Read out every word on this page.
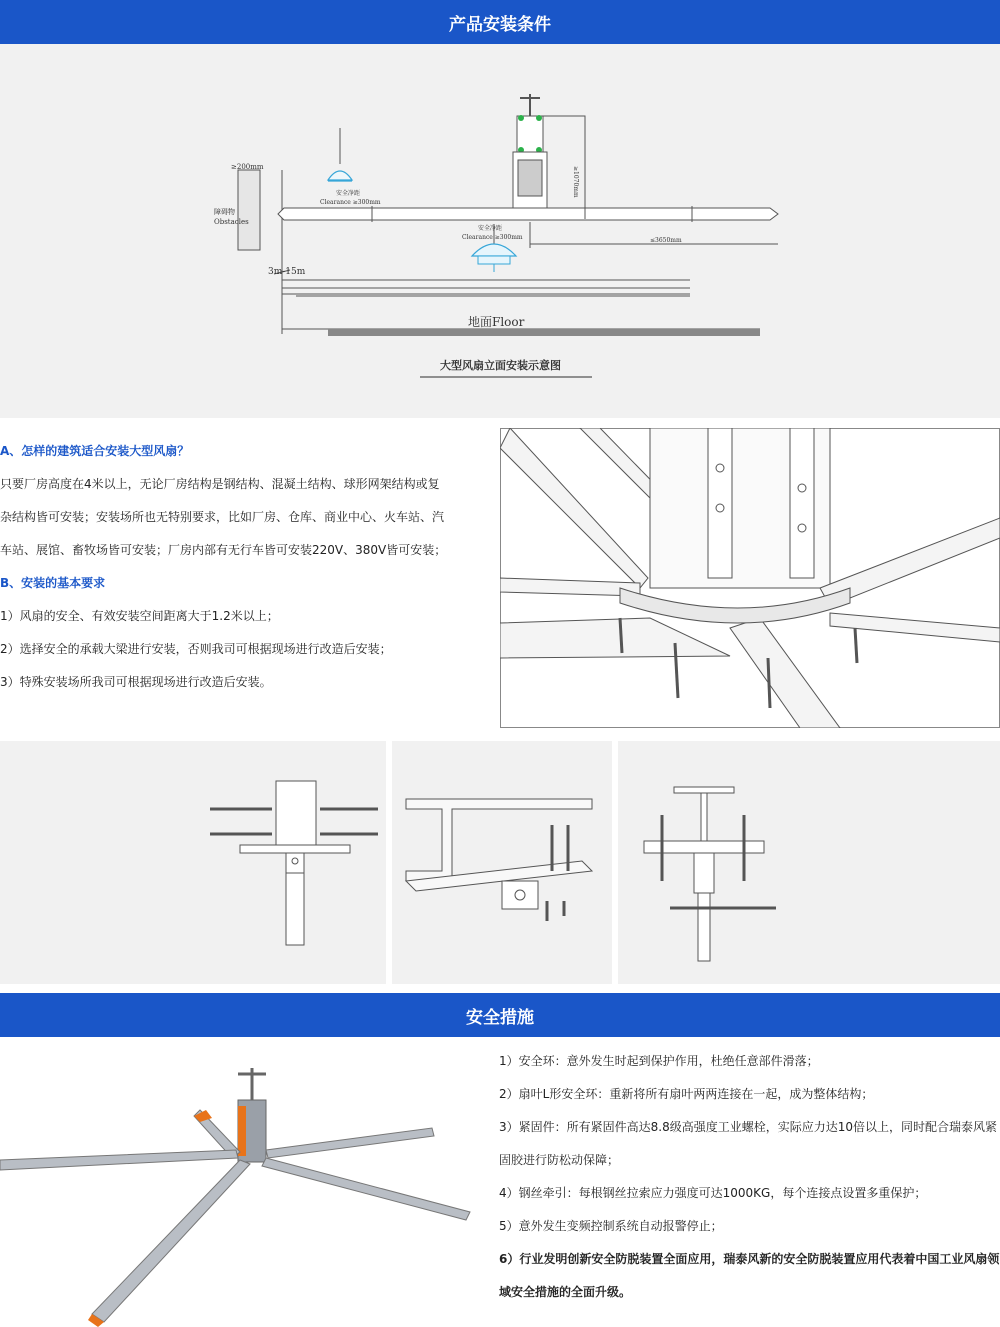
产品安装条件
≥200mm
障碍物
Obstacles
3m-15m
安全净距
Clearance ≥300mm
≥1070mm
≤3650mm
安全净距
Clearance ≥300mm
地面Floor
大型风扇立面安装示意图

A、怎样的建筑适合安装大型风扇？

只要厂房高度在4米以上，无论厂房结构是钢结构、混凝土结构、球形网架结构或复

杂结构皆可安装；安装场所也无特别要求，比如厂房、仓库、商业中心、火车站、汽

车站、展馆、畜牧场皆可安装；厂房内部有无行车皆可安装220V、380V皆可安装；

B、安装的基本要求

1）风扇的安全、有效安装空间距离大于1.2米以上；

2）选择安全的承载大梁进行安装，否则我司可根据现场进行改造后安装；

3）特殊安装场所我司可根据现场进行改造后安装。

安全措施

1）安全环：意外发生时起到保护作用，杜绝任意部件滑落；

2）扇叶L形安全环：重新将所有扇叶两两连接在一起，成为整体结构；

3）紧固件：所有紧固件高达8.8级高强度工业螺栓，实际应力达10倍以上，同时配合瑞泰风紧

固胶进行防松动保障；

4）钢丝牵引：每根钢丝拉索应力强度可达1000KG，每个连接点设置多重保护；

5）意外发生变频控制系统自动报警停止；

6）行业发明创新安全防脱装置全面应用，瑞泰风新的安全防脱装置应用代表着中国工业风扇领

域安全措施的全面升级。
